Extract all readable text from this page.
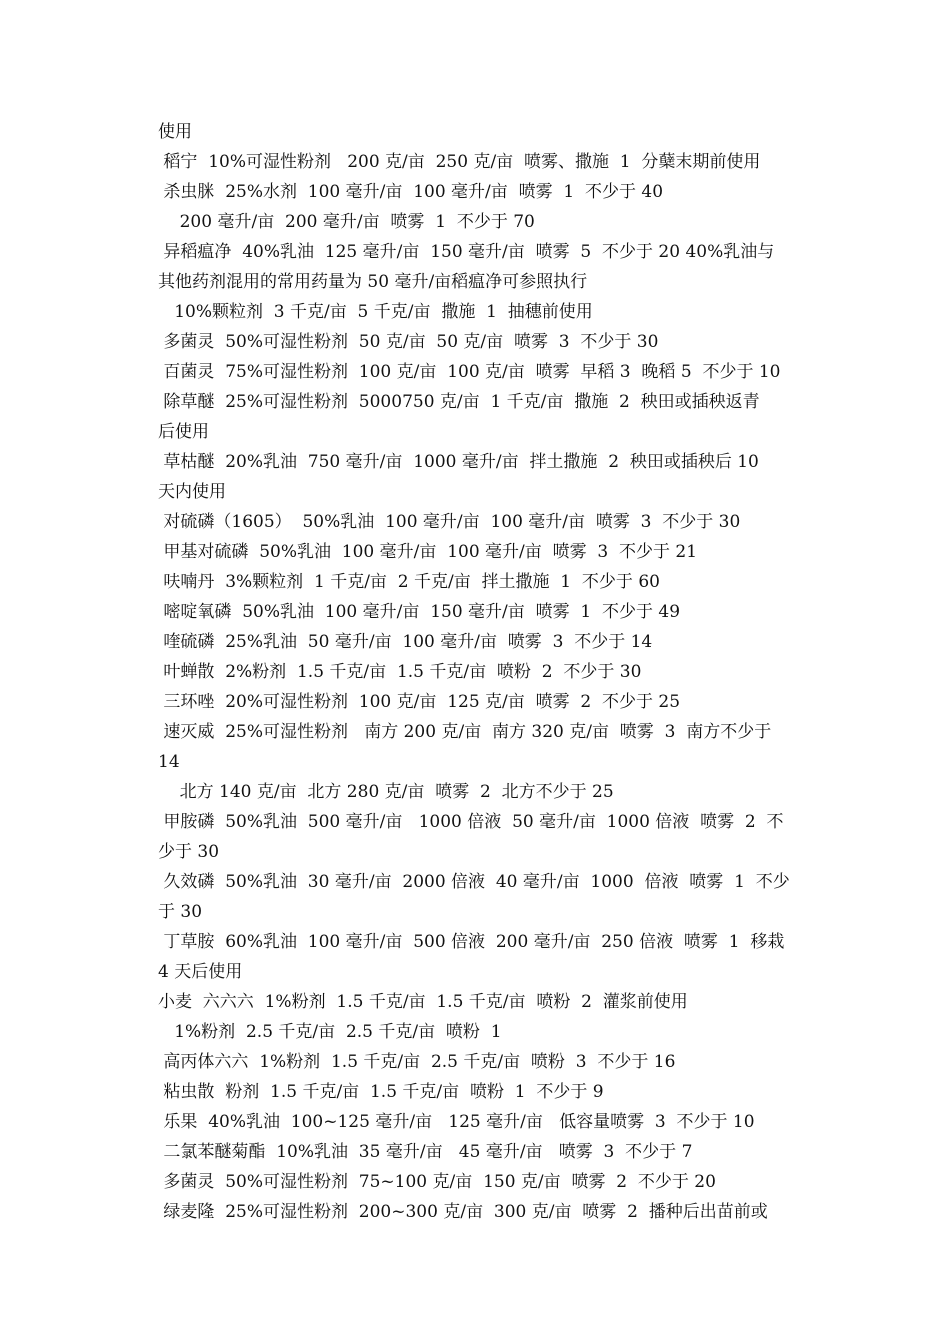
使用
稻宁  10%可湿性粉剂   200 克/亩  250 克/亩  喷雾、撒施  1  分蘖末期前使用
杀虫脒  25%水剂  100 毫升/亩  100 毫升/亩  喷雾  1  不少于 40
200 毫升/亩  200 毫升/亩  喷雾  1  不少于 70
异稻瘟净  40%乳油  125 毫升/亩  150 毫升/亩  喷雾  5  不少于 20 40%乳油与
其他药剂混用的常用药量为 50 毫升/亩稻瘟净可参照执行
10%颗粒剂  3 千克/亩  5 千克/亩  撒施  1  抽穗前使用
多菌灵  50%可湿性粉剂  50 克/亩  50 克/亩  喷雾  3  不少于 30
百菌灵  75%可湿性粉剂  100 克/亩  100 克/亩  喷雾  早稻 3  晚稻 5  不少于 10
除草醚  25%可湿性粉剂  5000750 克/亩  1 千克/亩  撒施  2  秧田或插秧返青
后使用
草枯醚  20%乳油  750 毫升/亩  1000 毫升/亩  拌土撒施  2  秧田或插秧后 10
天内使用
对硫磷（1605）  50%乳油  100 毫升/亩  100 毫升/亩  喷雾  3  不少于 30
甲基对硫磷  50%乳油  100 毫升/亩  100 毫升/亩  喷雾  3  不少于 21
呋喃丹  3%颗粒剂  1 千克/亩  2 千克/亩  拌土撒施  1  不少于 60
嘧啶氧磷  50%乳油  100 毫升/亩  150 毫升/亩  喷雾  1  不少于 49
喹硫磷  25%乳油  50 毫升/亩  100 毫升/亩  喷雾  3  不少于 14
叶蝉散  2%粉剂  1.5 千克/亩  1.5 千克/亩  喷粉  2  不少于 30
三环唑  20%可湿性粉剂  100 克/亩  125 克/亩  喷雾  2  不少于 25
速灭威  25%可湿性粉剂   南方 200 克/亩  南方 320 克/亩  喷雾  3  南方不少于
14
北方 140 克/亩  北方 280 克/亩  喷雾  2  北方不少于 25
甲胺磷  50%乳油  500 毫升/亩   1000 倍液  50 毫升/亩  1000 倍液  喷雾  2  不
少于 30
久效磷  50%乳油  30 毫升/亩  2000 倍液  40 毫升/亩  1000  倍液  喷雾  1  不少
于 30
丁草胺  60%乳油  100 毫升/亩  500 倍液  200 毫升/亩  250 倍液  喷雾  1  移栽
4 天后使用
小麦  六六六  1%粉剂  1.5 千克/亩  1.5 千克/亩  喷粉  2  灌浆前使用
1%粉剂  2.5 千克/亩  2.5 千克/亩  喷粉  1
高丙体六六  1%粉剂  1.5 千克/亩  2.5 千克/亩  喷粉  3  不少于 16
粘虫散  粉剂  1.5 千克/亩  1.5 千克/亩  喷粉  1  不少于 9
乐果  40%乳油  100~125 毫升/亩   125 毫升/亩   低容量喷雾  3  不少于 10
二氯苯醚菊酯  10%乳油  35 毫升/亩   45 毫升/亩   喷雾  3  不少于 7
多菌灵  50%可湿性粉剂  75~100 克/亩  150 克/亩  喷雾  2  不少于 20
绿麦隆  25%可湿性粉剂  200~300 克/亩  300 克/亩  喷雾  2  播种后出苗前或
